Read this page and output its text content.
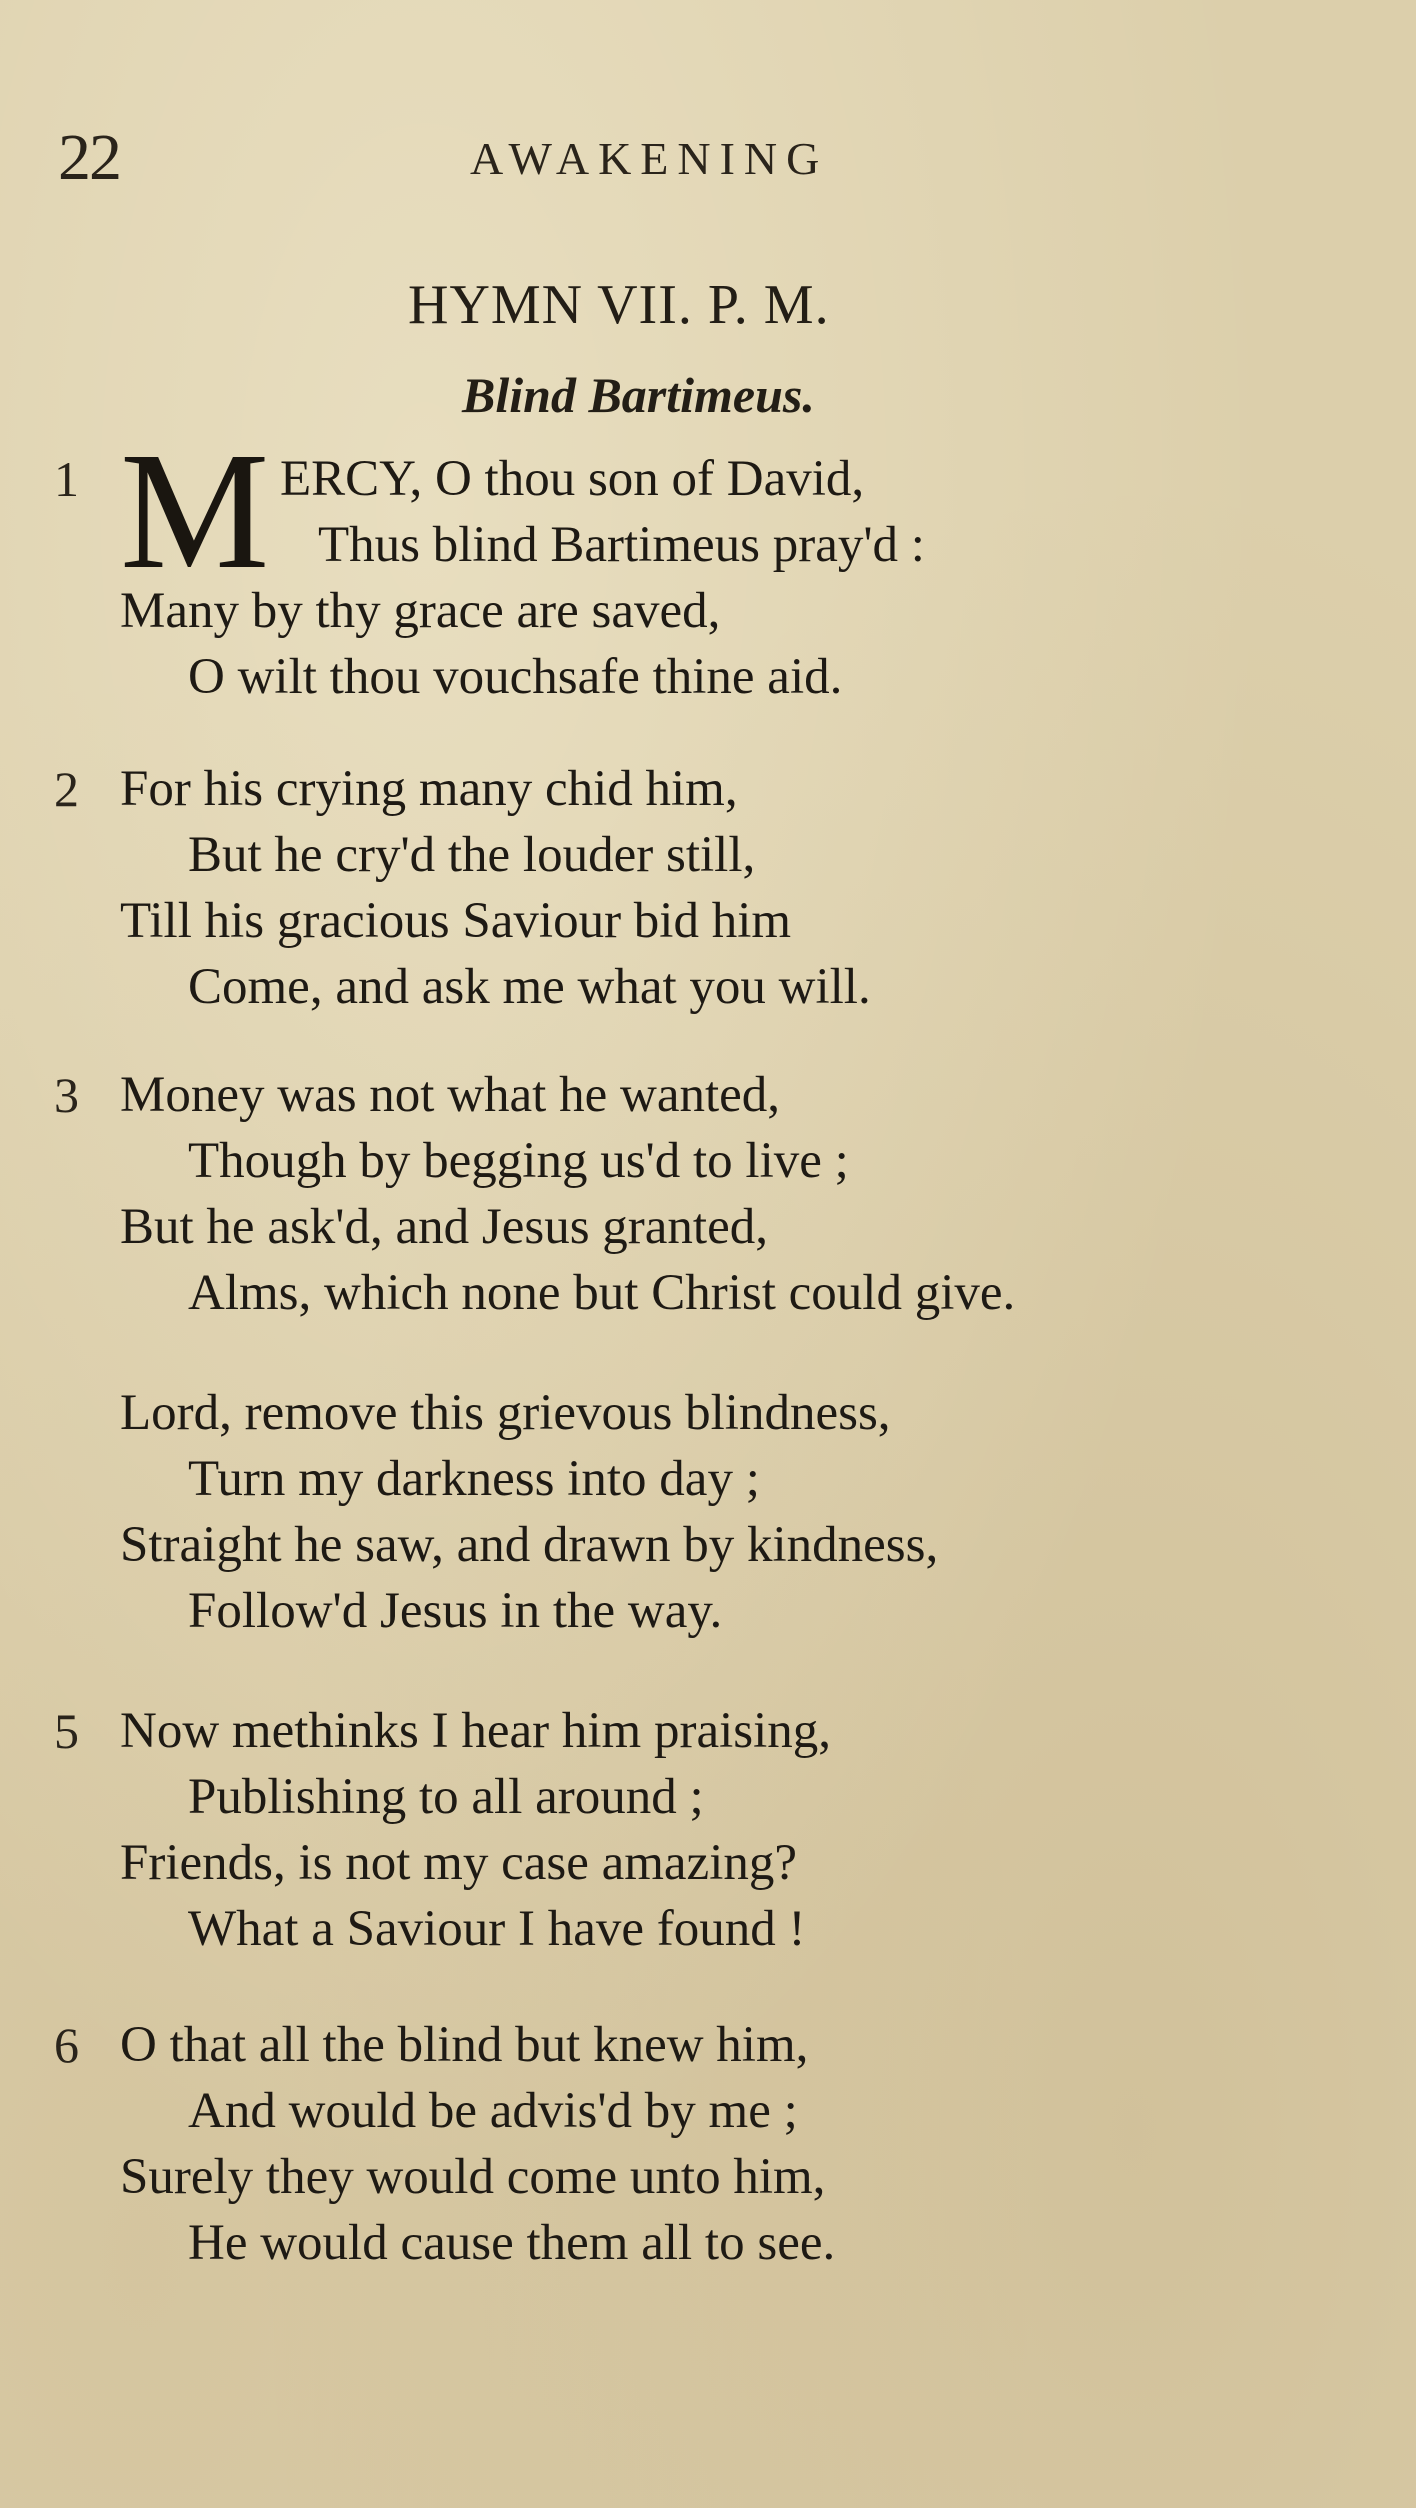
22	AWAKENING
HYMN VII. P. M.
Blind Bartimeus.
1 M ERCY, O thou son of David,
Thus blind Bartimeus pray'd :
Many by thy grace are saved,
O wilt thou vouchsafe thine aid.
2 For his crying many chid him,
But he cry'd the louder still,
Till his gracious Saviour bid him
Come, and ask me what you will.
3 Money was not what he wanted,
Though by begging us'd to live ;
But he ask'd, and Jesus granted,
Alms, which none but Christ could give.
Lord, remove this grievous blindness,
Turn my darkness into day ;
Straight he saw, and drawn by kindness,
Follow'd Jesus in the way.
5 Now methinks I hear him praising,
Publishing to all around ;
Friends, is not my case amazing?
What a Saviour I have found !
6 O that all the blind but knew him,
And would be advis'd by me ;
Surely they would come unto him,
He would cause them all to see.
